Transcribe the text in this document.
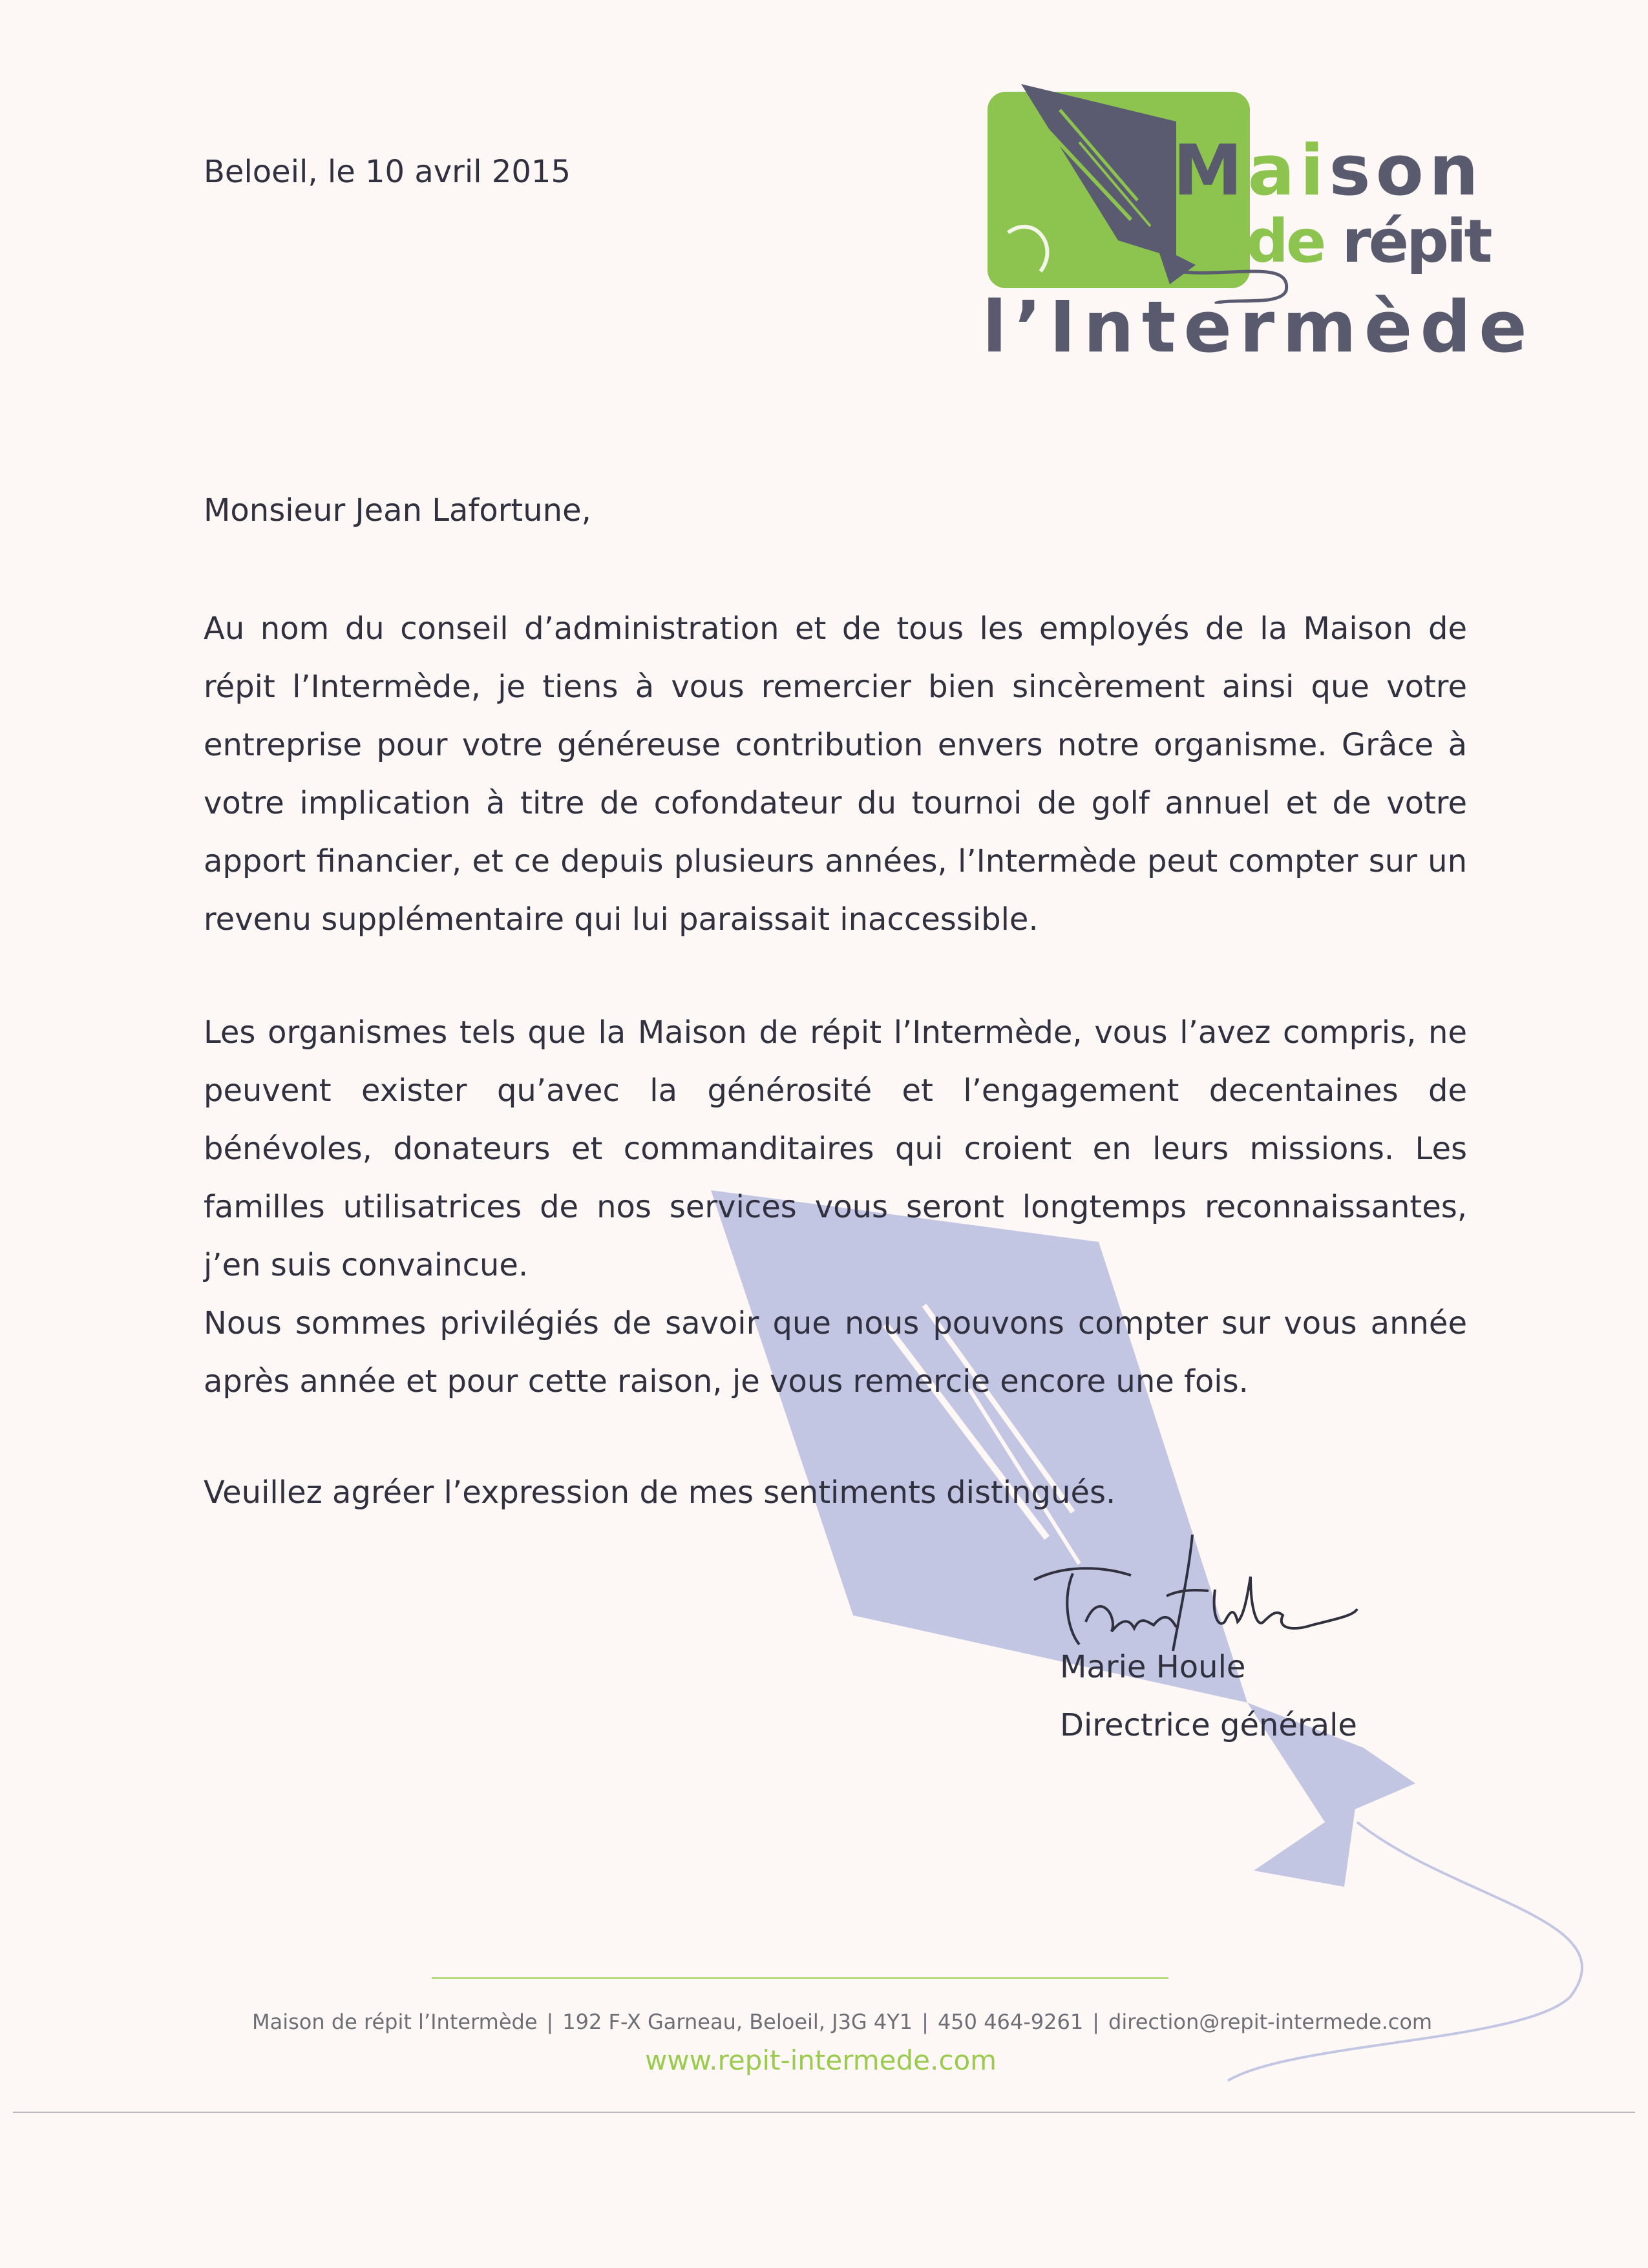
Maison
de répit
l’Intermède
Beloeil, le 10 avril 2015
Monsieur Jean Lafortune,

Au nom du conseil d’administration et de tous les employés de la Maison de répit l’Intermède, je tiens à vous remercier bien sincèrement ainsi que votre entreprise pour votre généreuse contribution envers notre organisme. Grâce à votre implication à titre de cofondateur du tournoi de golf annuel et de votre apport financier, et ce depuis plusieurs années, l’Intermède peut compter sur un revenu supplémentaire qui lui paraissait inaccessible.

Les organismes tels que la Maison de répit l’Intermède, vous l’avez compris, ne peuvent exister qu’avec la générosité et l’engagement decentaines de bénévoles, donateurs et commanditaires qui croient en leurs missions. Les familles utilisatrices de nos services vous seront longtemps reconnaissantes, j’en suis convaincue.

Nous sommes privilégiés de savoir que nous pouvons compter sur vous année après année et pour cette raison, je vous remercie encore une fois.

Veuillez agréer l’expression de mes sentiments distingués.
Marie Houle
Directrice générale
Maison de répit l’Intermède | 192 F-X Garneau, Beloeil, J3G 4Y1 | 450 464-9261 | direction@repit-intermede.com
www.repit-intermede.com
